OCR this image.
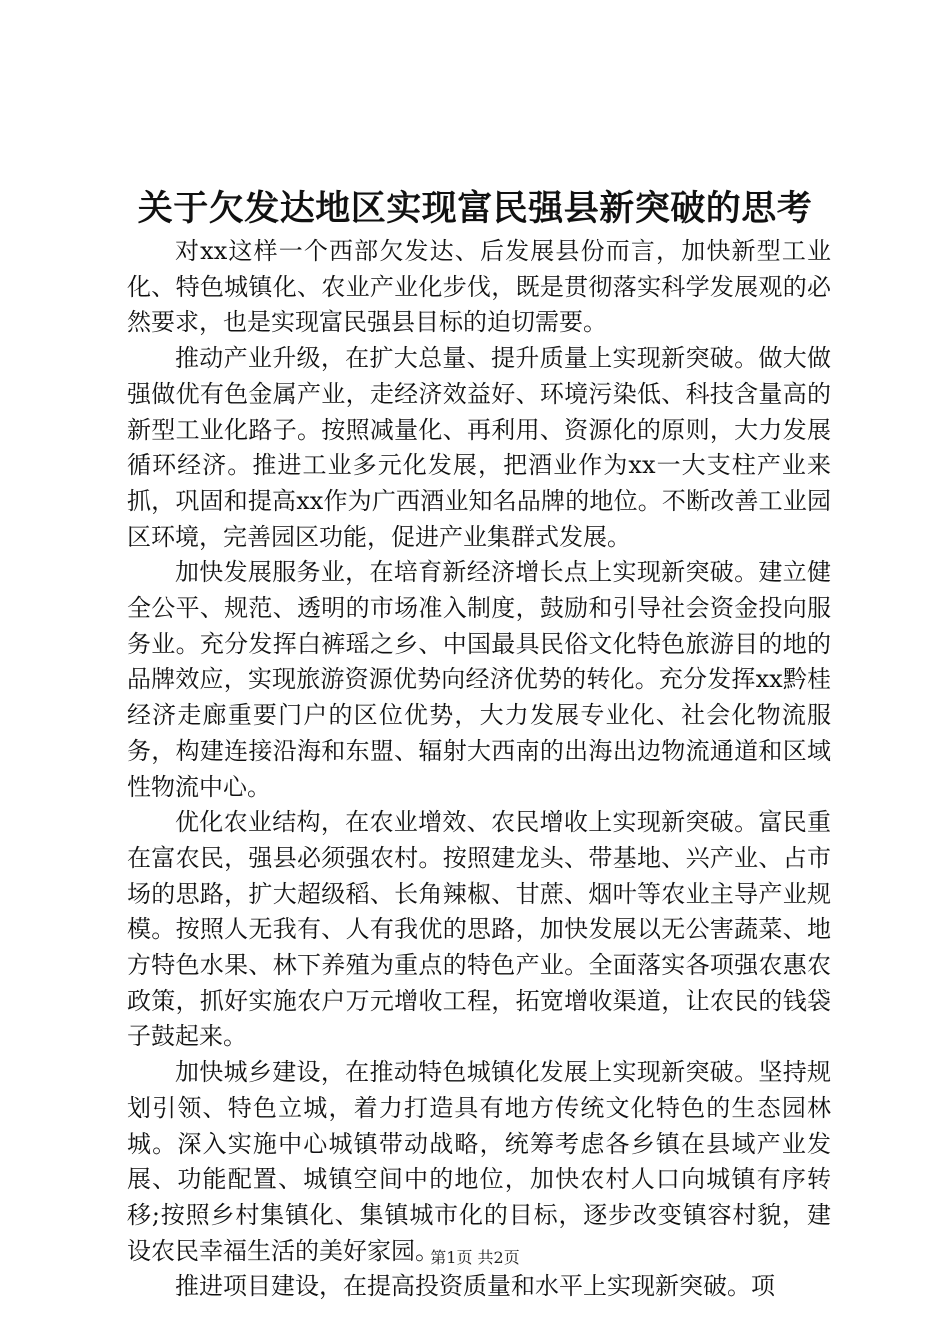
关于欠发达地区实现富民强县新突破的思考

对xx这样一个西部欠发达、后发展县份而言，加快新型工业化、特色城镇化、农业产业化步伐，既是贯彻落实科学发展观的必然要求，也是实现富民强县目标的迫切需要。

推动产业升级，在扩大总量、提升质量上实现新突破。做大做强做优有色金属产业，走经济效益好、环境污染低、科技含量高的新型工业化路子。按照减量化、再利用、资源化的原则，大力发展循环经济。推进工业多元化发展，把酒业作为xx一大支柱产业来抓，巩固和提高xx作为广西酒业知名品牌的地位。不断改善工业园区环境，完善园区功能，促进产业集群式发展。

加快发展服务业，在培育新经济增长点上实现新突破。建立健全公平、规范、透明的市场准入制度，鼓励和引导社会资金投向服务业。充分发挥白裤瑶之乡、中国最具民俗文化特色旅游目的地的品牌效应，实现旅游资源优势向经济优势的转化。充分发挥xx黔桂经济走廊重要门户的区位优势，大力发展专业化、社会化物流服务，构建连接沿海和东盟、辐射大西南的出海出边物流通道和区域性物流中心。

优化农业结构，在农业增效、农民增收上实现新突破。富民重在富农民，强县必须强农村。按照建龙头、带基地、兴产业、占市场的思路，扩大超级稻、长角辣椒、甘蔗、烟叶等农业主导产业规模。按照人无我有、人有我优的思路，加快发展以无公害蔬菜、地方特色水果、林下养殖为重点的特色产业。全面落实各项强农惠农政策，抓好实施农户万元增收工程，拓宽增收渠道，让农民的钱袋子鼓起来。

加快城乡建设，在推动特色城镇化发展上实现新突破。坚持规划引领、特色立城，着力打造具有地方传统文化特色的生态园林城。深入实施中心城镇带动战略，统筹考虑各乡镇在县域产业发展、功能配置、城镇空间中的地位，加快农村人口向城镇有序转移;按照乡村集镇化、集镇城市化的目标，逐步改变镇容村貌，建设农民幸福生活的美好家园。

推进项目建设，在提高投资质量和水平上实现新突破。项

第1页 共2页
